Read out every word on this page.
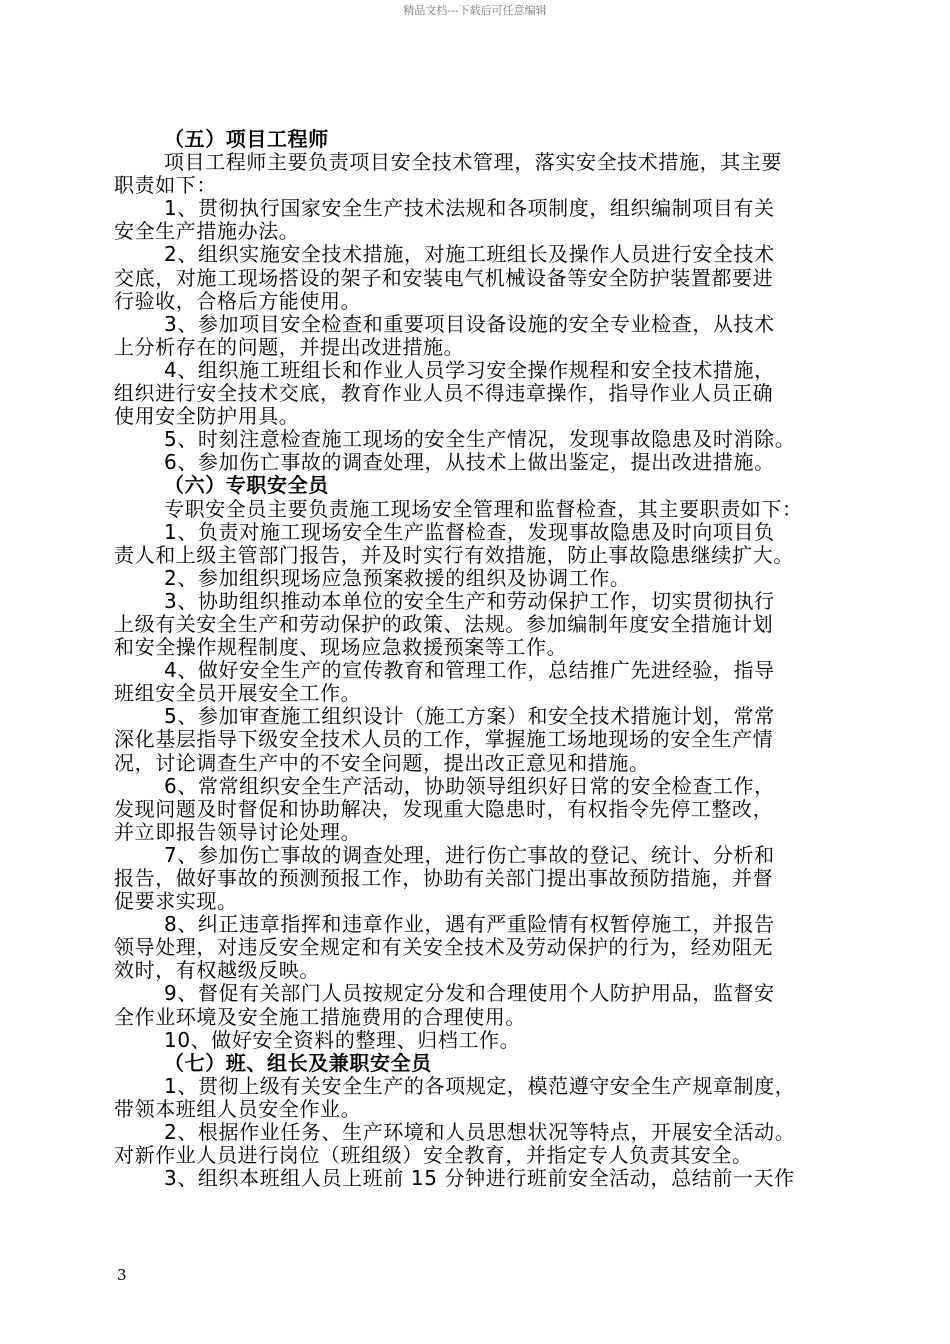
精品文档---下载后可任意编辑
（五）项目工程师
项目工程师主要负责项目安全技术管理，落实安全技术措施，其主要
职责如下：
1、贯彻执行国家安全生产技术法规和各项制度，组织编制项目有关
安全生产措施办法。
2、组织实施安全技术措施，对施工班组长及操作人员进行安全技术
交底，对施工现场搭设的架子和安装电气机械设备等安全防护装置都要进
行验收，合格后方能使用。
3、参加项目安全检查和重要项目设备设施的安全专业检查，从技术
上分析存在的问题，并提出改进措施。
4、组织施工班组长和作业人员学习安全操作规程和安全技术措施，
组织进行安全技术交底，教育作业人员不得违章操作，指导作业人员正确
使用安全防护用具。
5、时刻注意检查施工现场的安全生产情况，发现事故隐患及时消除。
6、参加伤亡事故的调查处理，从技术上做出鉴定，提出改进措施。
（六）专职安全员
专职安全员主要负责施工现场安全管理和监督检查，其主要职责如下：
1、负责对施工现场安全生产监督检查，发现事故隐患及时向项目负
责人和上级主管部门报告，并及时实行有效措施，防止事故隐患继续扩大。
2、参加组织现场应急预案救援的组织及协调工作。
3、协助组织推动本单位的安全生产和劳动保护工作，切实贯彻执行
上级有关安全生产和劳动保护的政策、法规。参加编制年度安全措施计划
和安全操作规程制度、现场应急救援预案等工作。
4、做好安全生产的宣传教育和管理工作，总结推广先进经验，指导
班组安全员开展安全工作。
5、参加审查施工组织设计（施工方案）和安全技术措施计划，常常
深化基层指导下级安全技术人员的工作，掌握施工场地现场的安全生产情
况，讨论调查生产中的不安全问题，提出改正意见和措施。
6、常常组织安全生产活动，协助领导组织好日常的安全检查工作，
发现问题及时督促和协助解决，发现重大隐患时，有权指令先停工整改，
并立即报告领导讨论处理。
7、参加伤亡事故的调查处理，进行伤亡事故的登记、统计、分析和
报告，做好事故的预测预报工作，协助有关部门提出事故预防措施，并督
促要求实现。
8、纠正违章指挥和违章作业，遇有严重险情有权暂停施工，并报告
领导处理，对违反安全规定和有关安全技术及劳动保护的行为，经劝阻无
效时，有权越级反映。
9、督促有关部门人员按规定分发和合理使用个人防护用品，监督安
全作业环境及安全施工措施费用的合理使用。
10、做好安全资料的整理、归档工作。
（七）班、组长及兼职安全员
1、贯彻上级有关安全生产的各项规定，模范遵守安全生产规章制度，
带领本班组人员安全作业。
2、根据作业任务、生产环境和人员思想状况等特点，开展安全活动。
对新作业人员进行岗位（班组级）安全教育，并指定专人负责其安全。
3、组织本班组人员上班前 15 分钟进行班前安全活动，总结前一天作
3
